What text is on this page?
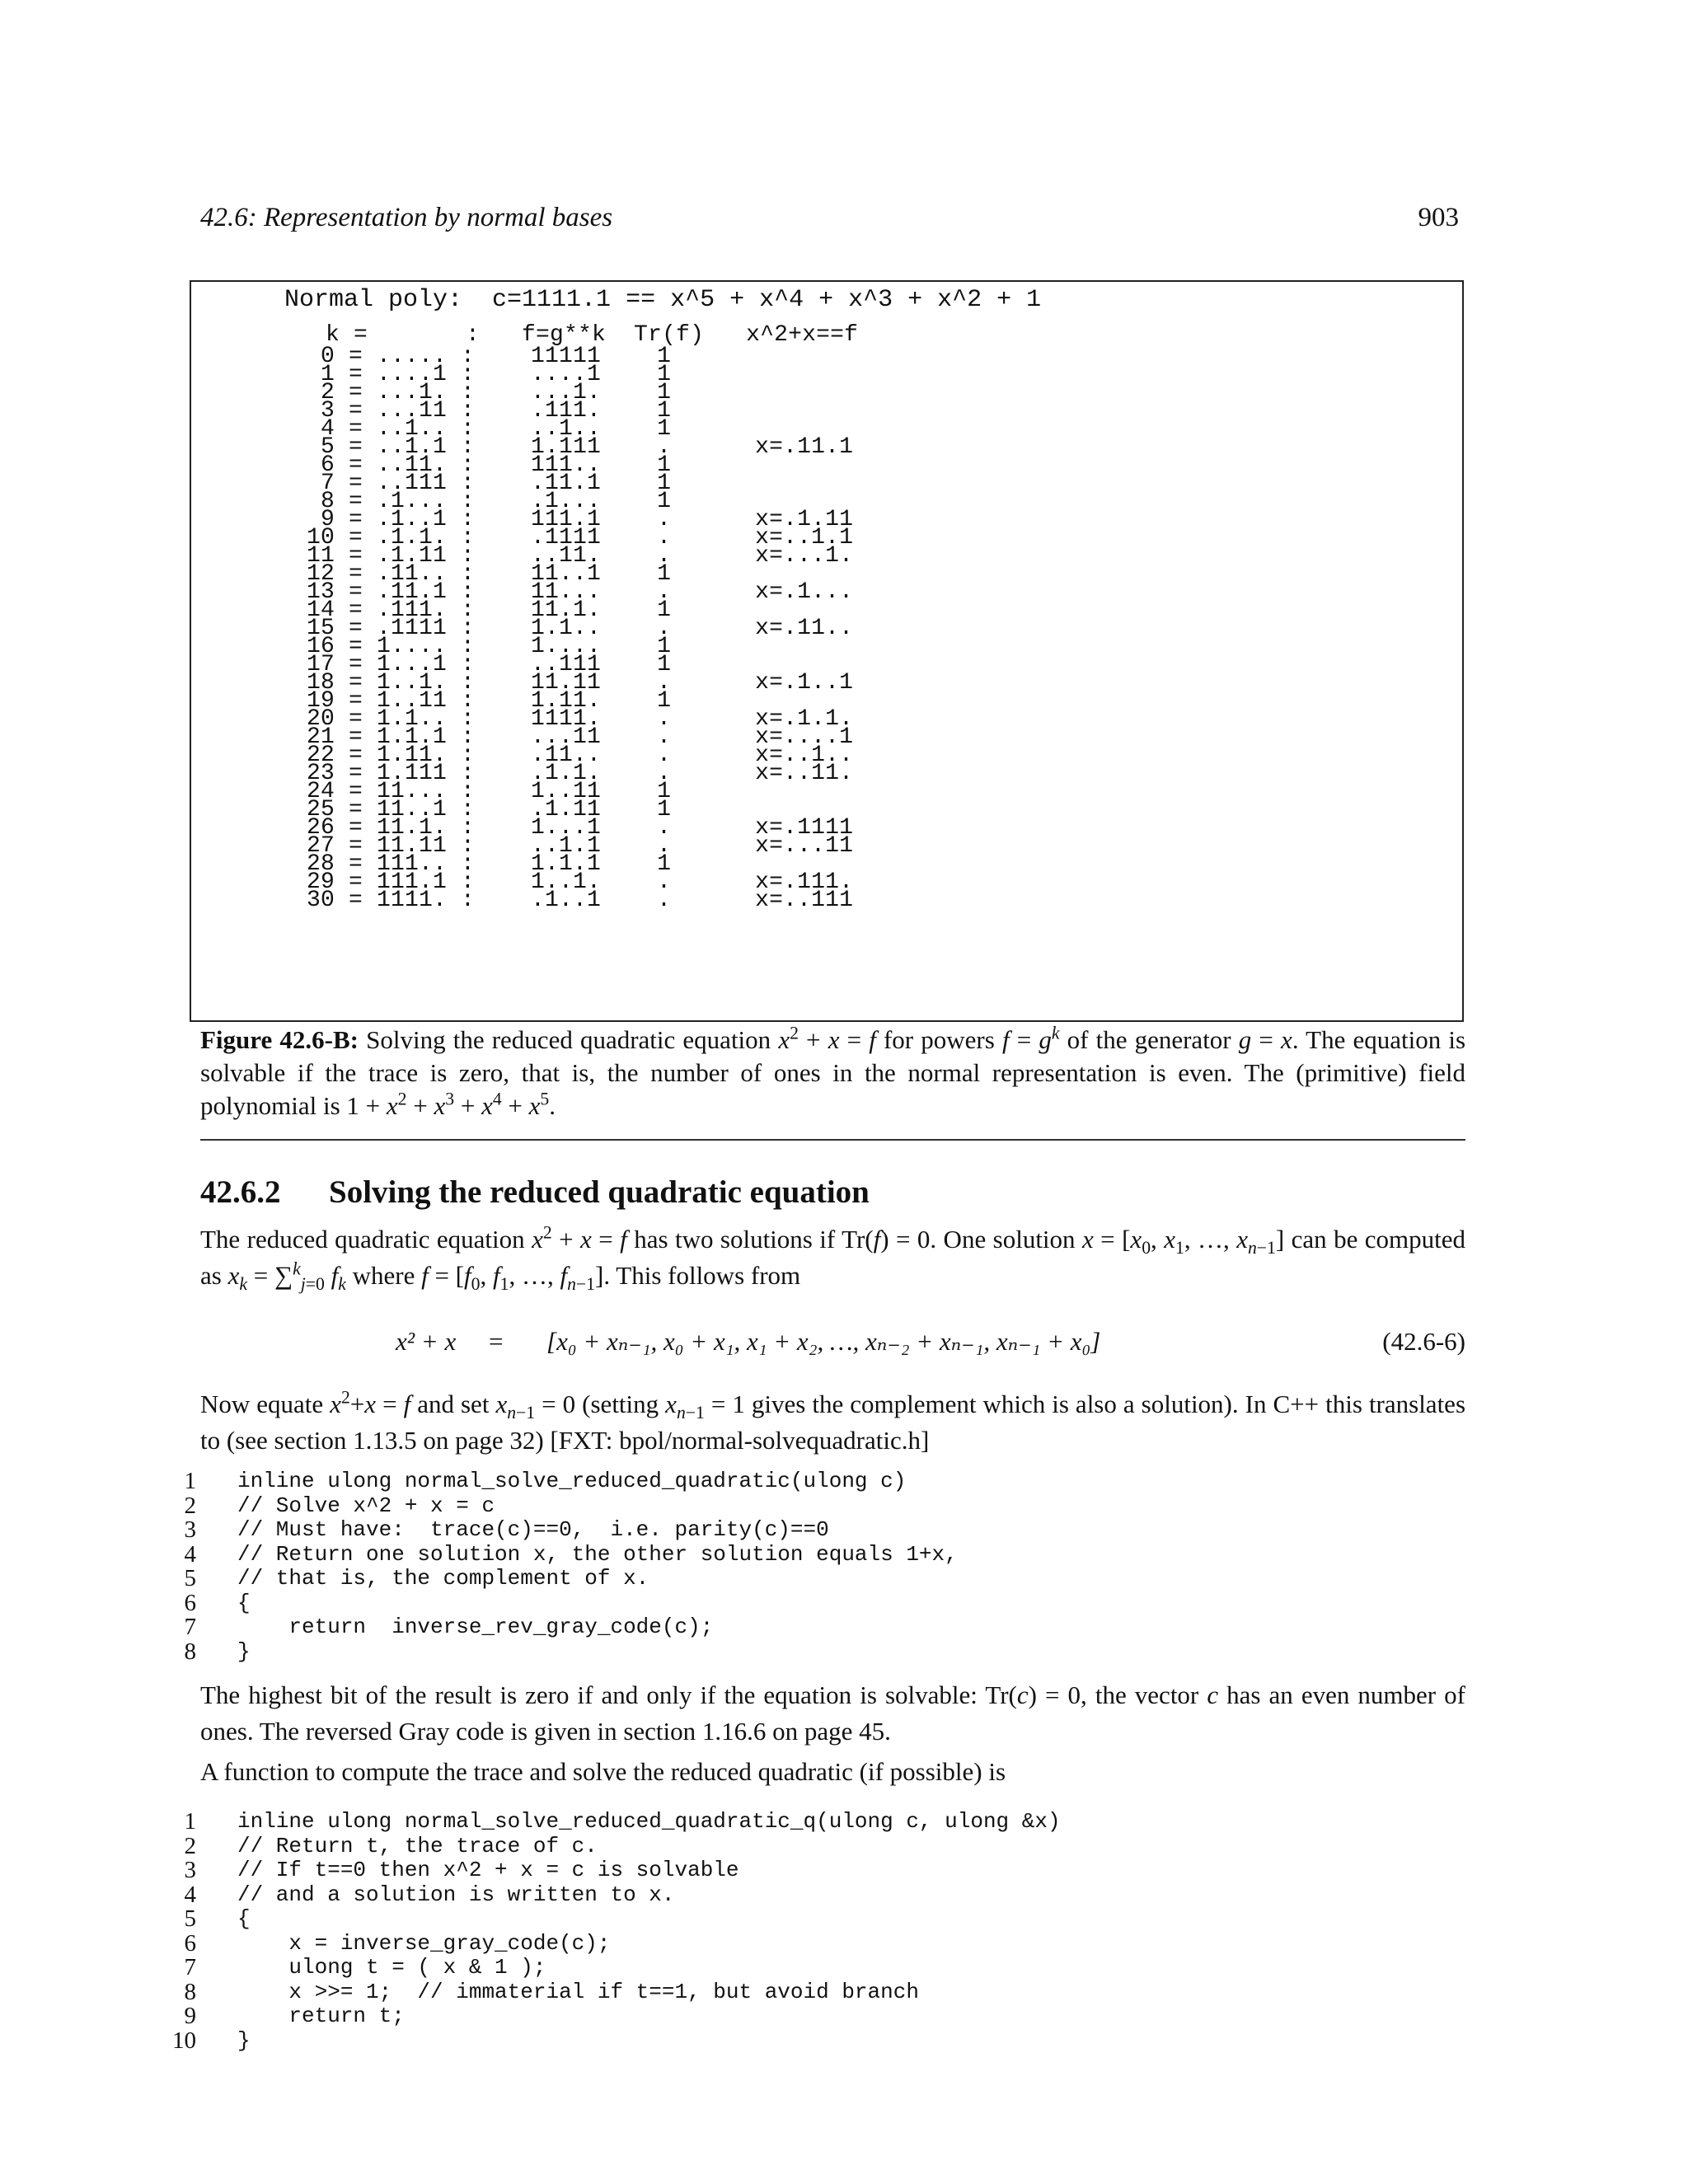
42.6: Representation by normal bases	903
Normal poly:  c=1111.1 == x^5 + x^4 + x^3 + x^2 + 1
k =       :   f=g**k  Tr(f)   x^2+x==f
0 = ..... :    11111    1
1 = ....1 :    ....1    1
2 = ...1. :    ...1.    1
3 = ...11 :    .111.    1
4 = ..1.. :    ..1..    1
5 = ..1.1 :    1.111    .      x=.11.1
6 = ..11. :    111..    1
7 = ..111 :    .11.1    1
8 = .1... :    .1...    1
9 = .1..1 :    111.1    .      x=.1.11
10 = .1.1. :    .1111    .      x=..1.1
11 = .1.11 :    ..11.    .      x=...1.
12 = .11.. :    11..1    1
13 = .11.1 :    11...    .      x=.1...
14 = .111. :    11.1.    1
15 = .1111 :    1.1..    .      x=.11..
16 = 1.... :    1....    1
17 = 1...1 :    ..111    1
18 = 1..1. :    11.11    .      x=.1..1
19 = 1..11 :    1.11.    1
20 = 1.1.. :    1111.    .      x=.1.1.
21 = 1.1.1 :    ...11    .      x=....1
22 = 1.11. :    .11..    .      x=..1..
23 = 1.111 :    .1.1.    .      x=..11.
24 = 11... :    1..11    1
25 = 11..1 :    .1.11    1
26 = 11.1. :    1...1    .      x=.1111
27 = 11.11 :    ..1.1    .      x=...11
28 = 111.. :    1.1.1    1
29 = 111.1 :    1..1.    .      x=.111.
30 = 1111. :    .1..1    .      x=..111
Figure 42.6-B: Solving the reduced quadratic equation $x^2 + x = f$ for powers $f = g^k$ of the generator g = x. The equation is solvable if the trace is zero, that is, the number of ones in the normal representation is even. The (primitive) field polynomial is $1 + x^2 + x^3 + x^4 + x^5$.
42.6.2 Solving the reduced quadratic equation
The reduced quadratic equation $x^2 + x = f$ has two solutions if Tr(f) = 0. One solution $x = [x_0$, $x_1$, …, $x_{n-1}$] can be computed as $x_k = \sum^k_{j=0}$ $f_k$ where $f = [f_0$, $f_1$, …, $f_{n-1}$]. This follows from
x² + x = [x₀ + xₙ₋₁, x₀ + x₁, x₁ + x₂, …, xₙ₋₂ + xₙ₋₁, xₙ₋₁ + x₀]	(42.6-6)
Now equate $x^2+x = f$ and set $x_{n-1} = 0$ (setting $x_{n-1} = 1$ gives the complement which is also a solution). In C++ this translates to (see section 1.13.5 on page 32) [FXT: bpol/normal-solvequadratic.h]
1 inline ulong normal_solve_reduced_quadratic(ulong c)
2 // Solve x^2 + x = c
3 // Must have:  trace(c)==0,  i.e. parity(c)==0
4 // Return one solution x, the other solution equals 1+x,
5 // that is, the complement of x.
6 {
7 return  inverse_rev_gray_code(c);
8 }
The highest bit of the result is zero if and only if the equation is solvable: Tr(c) = 0, the vector c has an even number of ones. The reversed Gray code is given in section 1.16.6 on page 45.
A function to compute the trace and solve the reduced quadratic (if possible) is
1 inline ulong normal_solve_reduced_quadratic_q(ulong c, ulong &x)
2 // Return t, the trace of c.
3 // If t==0 then x^2 + x = c is solvable
4 // and a solution is written to x.
5 {
6 x = inverse_gray_code(c);
7 ulong t = ( x & 1 );
8 x >>= 1;  // immaterial if t==1, but avoid branch
9 return t;
10 }
